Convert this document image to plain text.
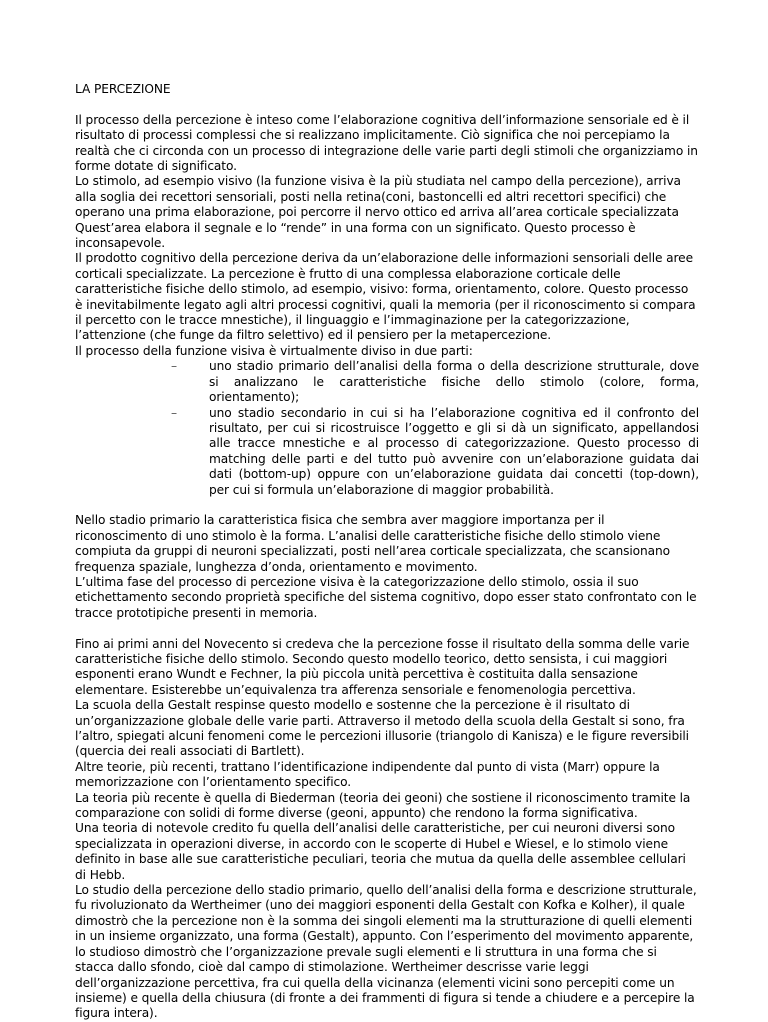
LA PERCEZIONE

Il processo della percezione è inteso come l’elaborazione cognitiva dell’informazione sensoriale ed è il risultato di processi complessi che si realizzano implicitamente. Ciò significa che noi percepiamo la realtà che ci circonda con un processo di integrazione delle varie parti degli stimoli che organizziamo in forme dotate di significato.

Lo stimolo, ad esempio visivo (la funzione visiva è la più studiata nel campo della percezione), arriva alla soglia dei recettori sensoriali, posti nella retina(coni, bastoncelli ed altri recettori specifici) che operano una prima elaborazione, poi percorre il nervo ottico ed arriva all’area corticale specializzata Quest’area elabora il segnale e lo “rende” in una forma con un significato. Questo processo è inconsapevole.

Il prodotto cognitivo della percezione deriva da un’elaborazione delle informazioni sensoriali delle aree corticali specializzate. La percezione è frutto di una complessa elaborazione corticale delle caratteristiche fisiche dello stimolo, ad esempio, visivo: forma, orientamento, colore. Questo processo è inevitabilmente legato agli altri processi cognitivi, quali la memoria (per il riconoscimento si compara il percetto con le tracce mnestiche), il linguaggio e l’immaginazione per la categorizzazione, l’attenzione (che funge da filtro selettivo) ed il pensiero per la metapercezione.

Il processo della funzione visiva è virtualmente diviso in due parti:

–	uno stadio primario dell’analisi della forma o della descrizione strutturale, dove si analizzano le caratteristiche fisiche dello stimolo (colore, forma, orientamento);
–	uno stadio secondario in cui si ha l’elaborazione cognitiva ed il confronto del risultato, per cui si ricostruisce l’oggetto e gli si dà un significato, appellandosi alle tracce mnestiche e al processo di categorizzazione. Questo processo di matching delle parti e del tutto può avvenire con un’elaborazione guidata dai dati (bottom-up) oppure con un’elaborazione guidata dai concetti (top-down), per cui si formula un’elaborazione di maggior probabilità.

Nello stadio primario la caratteristica fisica che sembra aver maggiore importanza per il riconoscimento di uno stimolo è la forma. L’analisi delle caratteristiche fisiche dello stimolo viene compiuta da gruppi di neuroni specializzati, posti nell’area corticale specializzata, che scansionano frequenza spaziale, lunghezza d’onda, orientamento e movimento.

L’ultima fase del processo di percezione visiva è la categorizzazione dello stimolo, ossia il suo etichettamento secondo proprietà specifiche del sistema cognitivo, dopo esser stato confrontato con le tracce prototipiche presenti in memoria.

Fino ai primi anni del Novecento si credeva che la percezione fosse il risultato della somma delle varie caratteristiche fisiche dello stimolo. Secondo questo modello teorico, detto sensista, i cui maggiori esponenti erano Wundt e Fechner, la più piccola unità percettiva è costituita dalla sensazione elementare. Esisterebbe un’equivalenza tra afferenza sensoriale e fenomenologia percettiva.

La scuola della Gestalt respinse questo modello e sostenne che la percezione è il risultato di un’organizzazione globale delle varie parti. Attraverso il metodo della scuola della Gestalt si sono, fra l’altro, spiegati alcuni fenomeni come le percezioni illusorie (triangolo di Kanisza) e le figure reversibili (quercia dei reali associati di Bartlett).

Altre teorie, più recenti, trattano l’identificazione indipendente dal punto di vista (Marr) oppure la memorizzazione con l’orientamento specifico.

La teoria più recente è quella di Biederman (teoria dei geoni) che sostiene il riconoscimento tramite la comparazione con solidi di forme diverse (geoni, appunto) che rendono la forma significativa.

Una teoria di notevole credito fu quella dell’analisi delle caratteristiche, per cui neuroni diversi sono specializzata in operazioni diverse, in accordo con le scoperte di Hubel e Wiesel, e lo stimolo viene definito in base alle sue caratteristiche peculiari, teoria che mutua da quella delle assemblee cellulari di Hebb.

Lo studio della percezione dello stadio primario, quello dell’analisi della forma e descrizione strutturale, fu rivoluzionato da Wertheimer (uno dei maggiori esponenti della Gestalt con Kofka e Kolher), il quale dimostrò che la percezione non è la somma dei singoli elementi ma la strutturazione di quelli elementi in un insieme organizzato, una forma (Gestalt), appunto. Con l’esperimento del movimento apparente, lo studioso dimostrò che l’organizzazione prevale sugli elementi e li struttura in una forma che si stacca dallo sfondo, cioè dal campo di stimolazione. Wertheimer descrisse varie leggi dell’organizzazione percettiva, fra cui quella della vicinanza (elementi vicini sono percepiti come un insieme) e quella della chiusura (di fronte a dei frammenti di figura si tende a chiudere e a percepire la figura intera).
